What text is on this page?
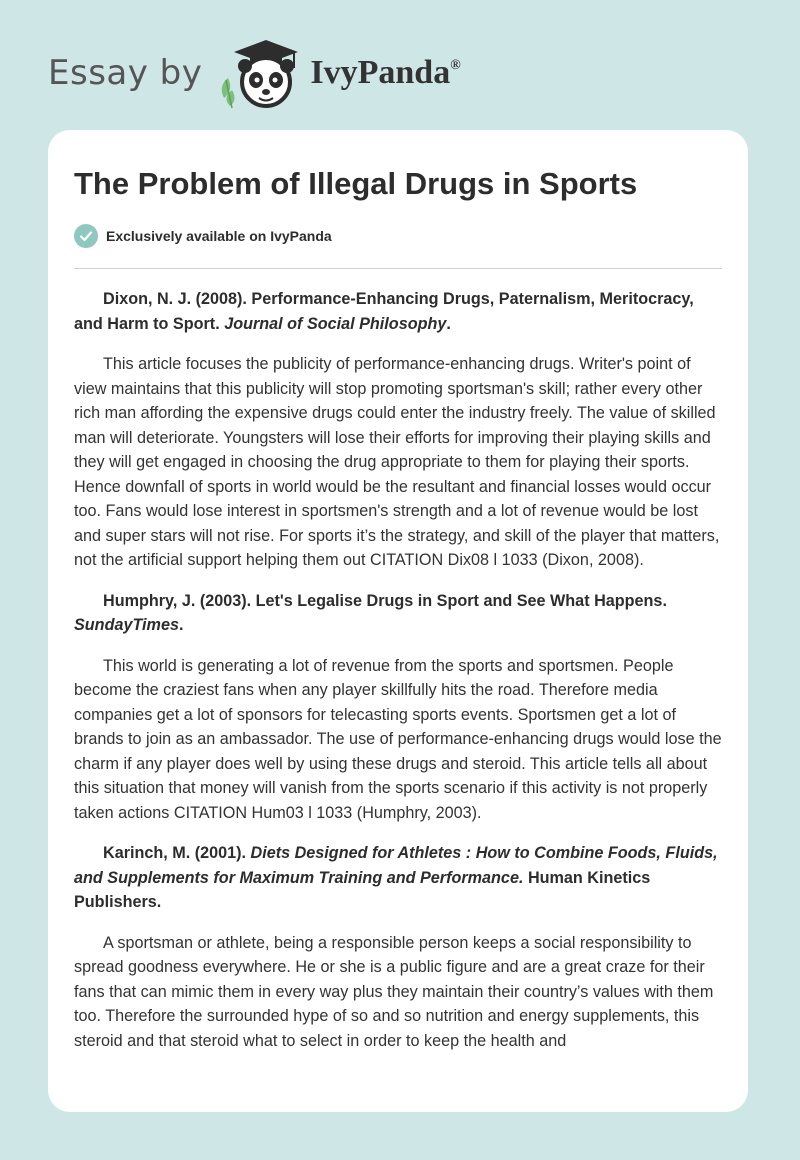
Essay by	IvyPanda®
The Problem of Illegal Drugs in Sports
Exclusively available on IvyPanda

Dixon, N. J. (2008). Performance-Enhancing Drugs, Paternalism, Meritocracy, and Harm to Sport. Journal of Social Philosophy.

This article focuses the publicity of performance-enhancing drugs. Writer's point of view maintains that this publicity will stop promoting sportsman's skill; rather every other rich man affording the expensive drugs could enter the industry freely. The value of skilled man will deteriorate. Youngsters will lose their efforts for improving their playing skills and they will get engaged in choosing the drug appropriate to them for playing their sports. Hence downfall of sports in world would be the resultant and financial losses would occur too. Fans would lose interest in sportsmen's strength and a lot of revenue would be lost and super stars will not rise. For sports it’s the strategy, and skill of the player that matters, not the artificial support helping them out CITATION Dix08 l 1033 (Dixon, 2008).

Humphry, J. (2003). Let's Legalise Drugs in Sport and See What Happens. SundayTimes.

This world is generating a lot of revenue from the sports and sportsmen. People become the craziest fans when any player skillfully hits the road. Therefore media companies get a lot of sponsors for telecasting sports events. Sportsmen get a lot of brands to join as an ambassador. The use of performance-enhancing drugs would lose the charm if any player does well by using these drugs and steroid. This article tells all about this situation that money will vanish from the sports scenario if this activity is not properly taken actions CITATION Hum03 l 1033 (Humphry, 2003).

Karinch, M. (2001). Diets Designed for Athletes : How to Combine Foods, Fluids, and Supplements for Maximum Training and Performance. Human Kinetics Publishers.

A sportsman or athlete, being a responsible person keeps a social responsibility to spread goodness everywhere. He or she is a public figure and are a great craze for their fans that can mimic them in every way plus they maintain their country’s values with them too. Therefore the surrounded hype of so and so nutrition and energy supplements, this steroid and that steroid what to select in order to keep the health and
